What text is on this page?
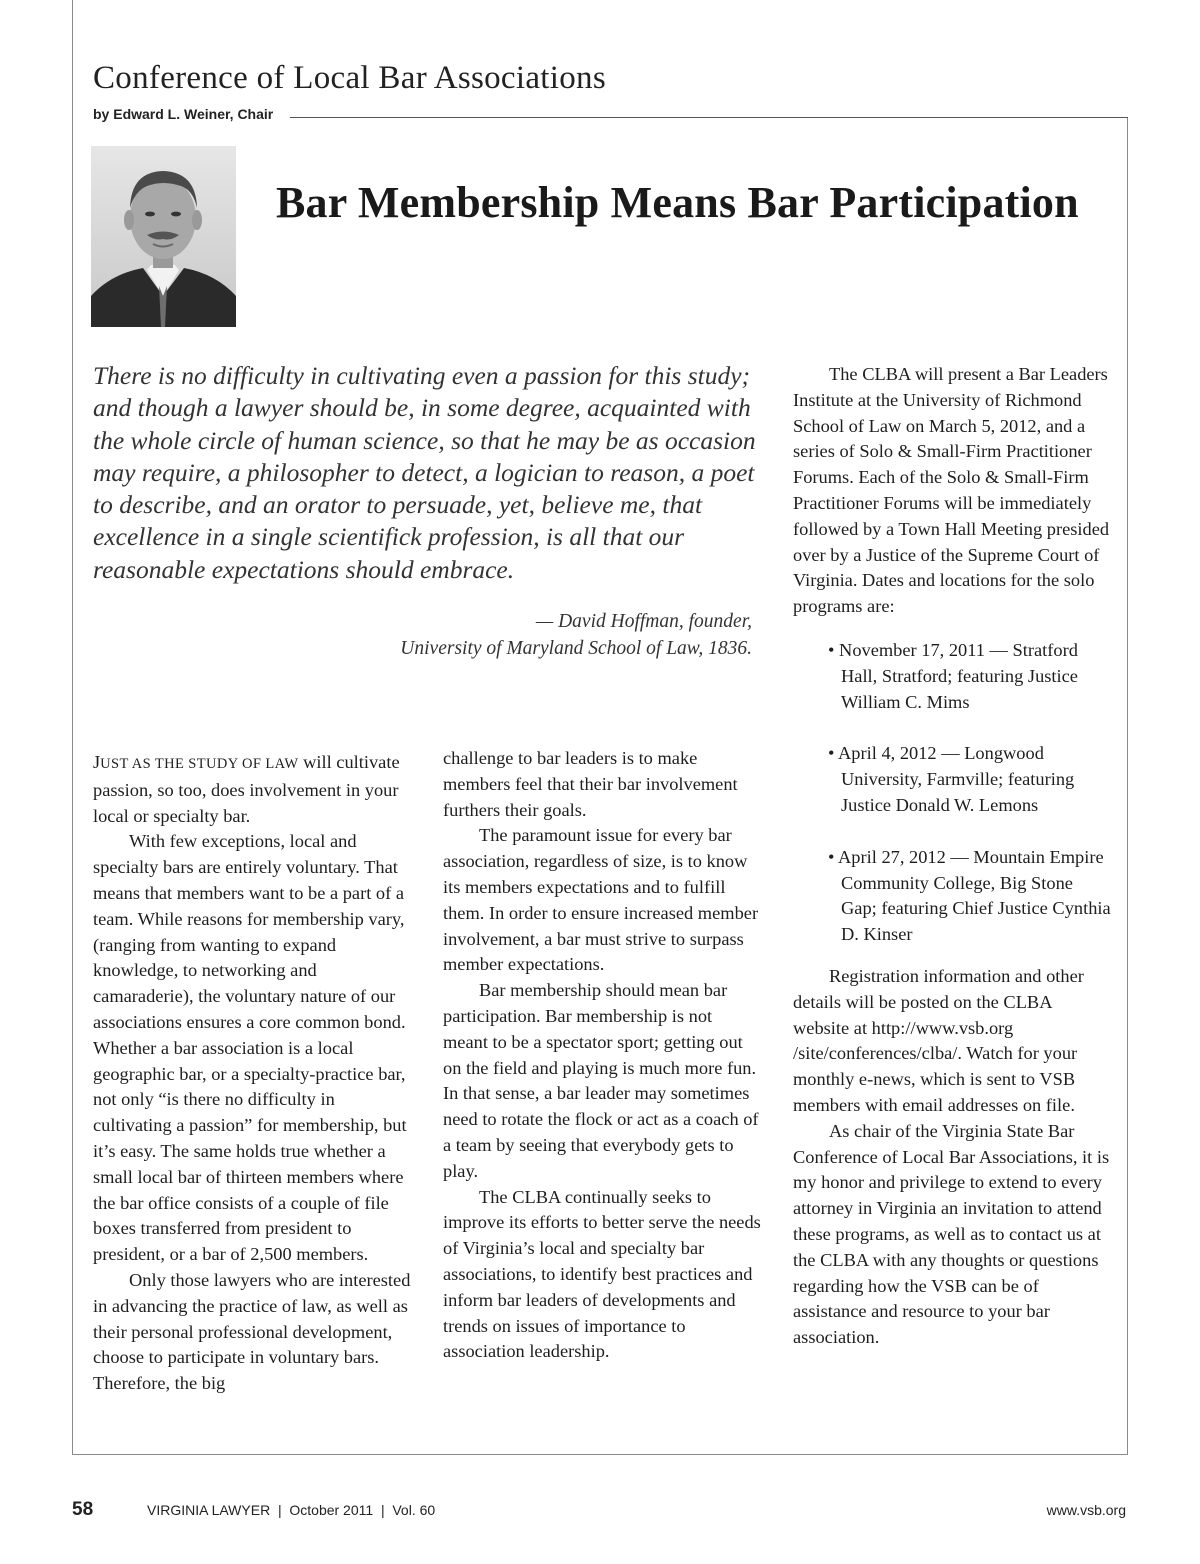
Conference of Local Bar Associations
by Edward L. Weiner, Chair
Bar Membership Means Bar Participation
There is no difficulty in cultivating even a passion for this study; and though a lawyer should be, in some degree, acquainted with the whole circle of human science, so that he may be as occasion may require, a philosopher to detect, a logician to reason, a poet to describe, and an orator to persuade, yet, believe me, that excellence in a single scientifick profession, is all that our reasonable expectations should embrace.
— David Hoffman, founder,
University of Maryland School of Law, 1836.

JUST AS THE STUDY OF LAW will cultivate passion, so too, does involvement in your local or specialty bar.

With few exceptions, local and specialty bars are entirely voluntary. That means that members want to be a part of a team. While reasons for membership vary, (ranging from wanting to expand knowledge, to networking and camaraderie), the voluntary nature of our associations ensures a core common bond. Whether a bar association is a local geographic bar, or a specialty-practice bar, not only “is there no difficulty in cultivating a passion” for membership, but it’s easy. The same holds true whether a small local bar of thirteen members where the bar office consists of a couple of file boxes transferred from president to president, or a bar of 2,500 members.

Only those lawyers who are interested in advancing the practice of law, as well as their personal professional development, choose to participate in voluntary bars. Therefore, the big

challenge to bar leaders is to make members feel that their bar involvement furthers their goals.

The paramount issue for every bar association, regardless of size, is to know its members expectations and to fulfill them. In order to ensure increased member involvement, a bar must strive to surpass member expectations.

Bar membership should mean bar participation. Bar membership is not meant to be a spectator sport; getting out on the field and playing is much more fun. In that sense, a bar leader may sometimes need to rotate the flock or act as a coach of a team by seeing that everybody gets to play.

The CLBA continually seeks to improve its efforts to better serve the needs of Virginia’s local and specialty bar associations, to identify best practices and inform bar leaders of developments and trends on issues of importance to association leadership.

The CLBA will present a Bar Leaders Institute at the University of Richmond School of Law on March 5, 2012, and a series of Solo & Small-Firm Practitioner Forums. Each of the Solo & Small-Firm Practitioner Forums will be immediately followed by a Town Hall Meeting presided over by a Justice of the Supreme Court of Virginia. Dates and locations for the solo programs are:

• November 17, 2011 — Stratford Hall, Stratford; featuring Justice William C. Mims
• April 4, 2012 — Longwood University, Farmville; featuring Justice Donald W. Lemons
• April 27, 2012 — Mountain Empire Community College, Big Stone Gap; featuring Chief Justice Cynthia D. Kinser

Registration information and other details will be posted on the CLBA website at http://www.vsb.org /site/conferences/clba/. Watch for your monthly e-news, which is sent to VSB members with email addresses on file.

As chair of the Virginia State Bar Conference of Local Bar Associations, it is my honor and privilege to extend to every attorney in Virginia an invitation to attend these programs, as well as to contact us at the CLBA with any thoughts or questions regarding how the VSB can be of assistance and resource to your bar association.

58	VIRGINIA LAWYER  |  October 2011  |  Vol. 60	www.vsb.org
